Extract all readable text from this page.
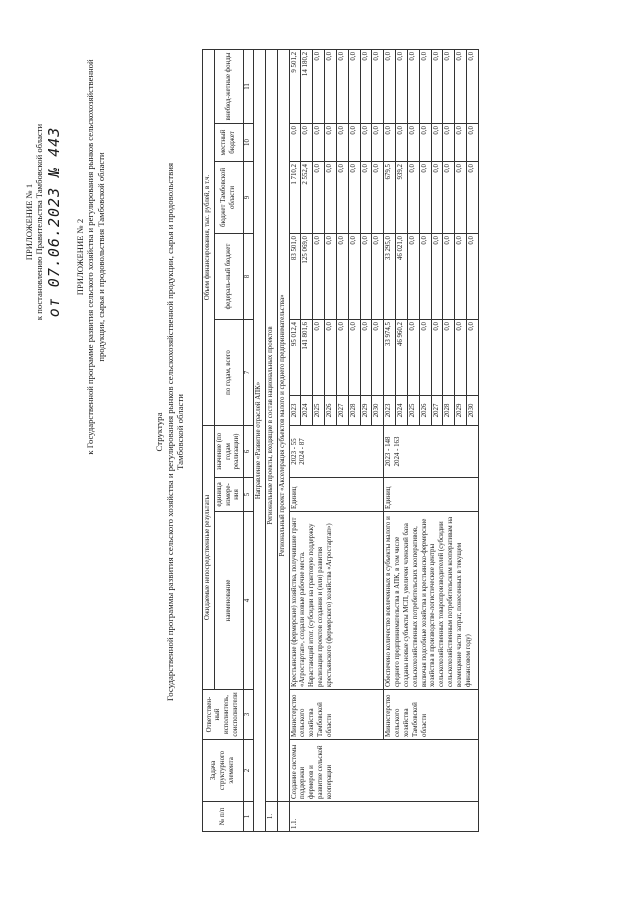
ПРИЛОЖЕНИЕ № 1 к постановлению Правительства Тамбовской области от 07.06.2023 № 443 ПРИЛОЖЕНИЕ № 2 к Государственной программе развития сельского хозяйства и регулирования рынков сельскохозяйственной продукции, сырья и продовольствия Тамбовской области
Структура Государственной программы развития сельского хозяйства и регулирования рынков сельскохозяйственной продукции, сырья и продовольствия Тамбовской области
№ п/п	Задача структурного элемента	Ответствен-ный исполнитель, соисполнители	Ожидаемые непосредственные результаты			Объем финансирования, тыс. рублей, в т.ч.					
			наименование	единица измере-ния	значение (по годам реализации)	по годам, всего		федераль-ный бюджет	бюджет Тамбовской области	местный бюджет	внебюд-жетные фонды

1	2	3	4	5	6	7		8	9	10	11
Направление «Развитие отраслей АПК»											
1.	Региональные проекты, входящие в состав национальных проектов										
	Региональный проект «Акселерация субъектов малого и среднего предпринимательства»										
1.1.	Создание системы поддержки фермеров и развитие сельской кооперации	Министерство сельского хозяйства Тамбовской области	Крестьянские (фермерские) хозяйства, получившие грант «Агростартап», создали новые рабочие места. Нарастающий итог. (субсидии на грантовую поддержку реализации проектов создания и (или) развития крестьянского (фермерского) хозяйства «Агростартап»)	Единиц	2023 - 55 2024 - 87	2023	95 012,4	83 501,0	1 710,2	0,0	9 501,2
						2024	141 801,6	125 069,0	2 552,4	0,0	14 180,2
						2025	0,0	0,0	0,0	0,0	0,0
						2026	0,0	0,0	0,0	0,0	0,0
						2027	0,0	0,0	0,0	0,0	0,0
						2028	0,0	0,0	0,0	0,0	0,0
						2029	0,0	0,0	0,0	0,0	0,0
						2030	0,0	0,0	0,0	0,0	0,0
		Министерство сельского хозяйства Тамбовской области	Обеспечено количество вовлеченных в субъекты малого и среднего предпринимательства в АПК, в том числе созданы новые субъекты МСП, увеличен членский база сельскохозяйственных потребительских кооперативов, включая подсобные хозяйства и крестьянско-фермерские хозяйства в производстве-логистические центры сельскохозяйственных товаропроизводителей (субсидии сельскохозяйственным потребительским кооперативам на возмещение части затрат, понесенных в текущем финансовом году)	Единиц	2023 - 148 2024 - 163	2023	33 974,5	33 295,0	679,5	0,0	0,0
						2024	46 960,2	46 021,0	939,2	0,0	0,0
						2025	0,0	0,0	0,0	0,0	0,0
						2026	0,0	0,0	0,0	0,0	0,0
						2027	0,0	0,0	0,0	0,0	0,0
						2028	0,0	0,0	0,0	0,0	0,0
						2029	0,0	0,0	0,0	0,0	0,0
						2030	0,0	0,0	0,0	0,0	0,0
